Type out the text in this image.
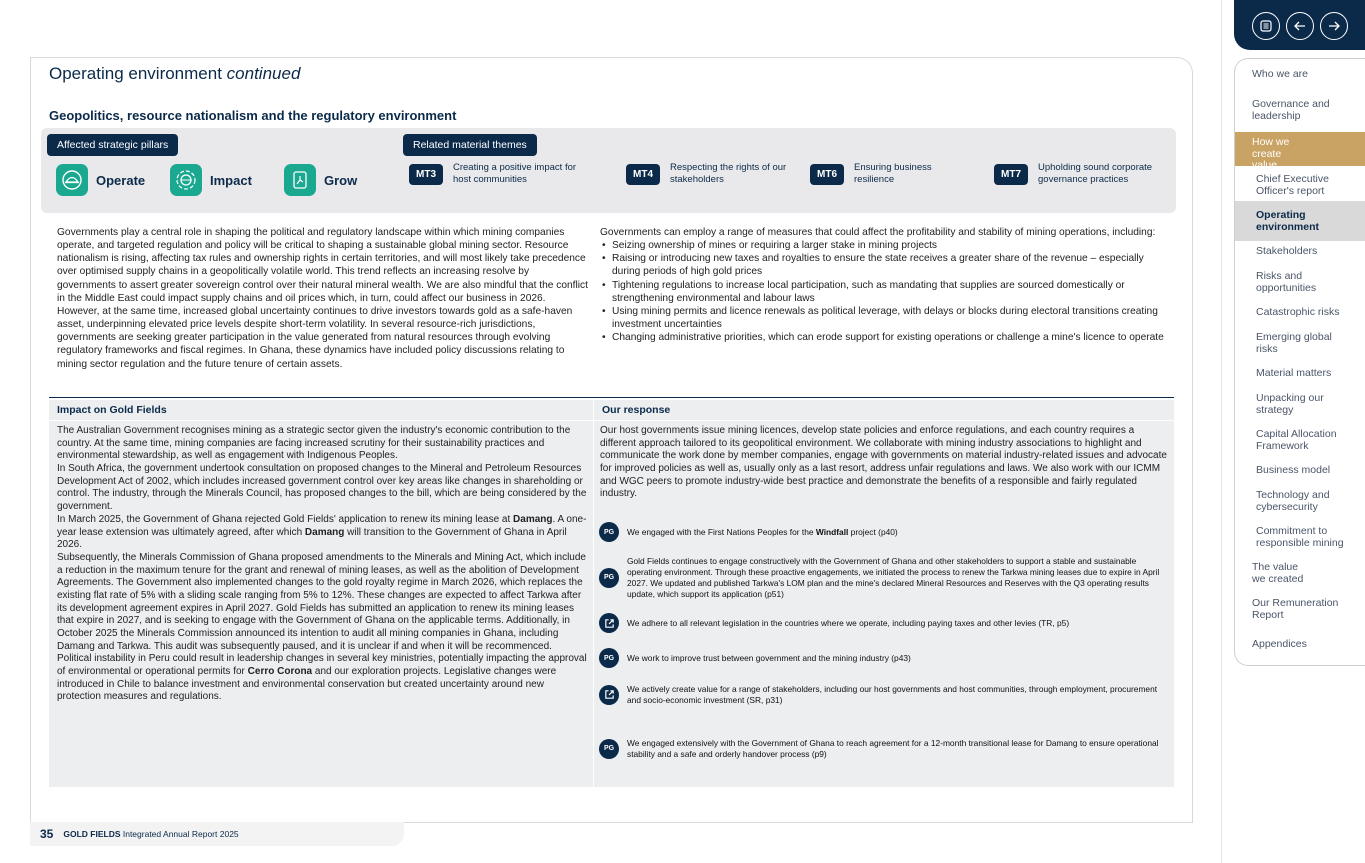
Operating environment continued
Geopolitics, resource nationalism and the regulatory environment
Affected strategic pillars	Related material themes
Operate	Impact	Grow	MT3
Creating a positive impact for host communities	MT4
Respecting the rights of our stakeholders	MT6
Ensuring business resilience	MT7
Upholding sound corporate governance practices
Governments play a central role in shaping the political and regulatory landscape within which mining companies operate, and targeted regulation and policy will be critical to shaping a sustainable global mining sector. Resource nationalism is rising, affecting tax rules and ownership rights in certain territories, and will most likely take precedence over optimised supply chains in a geopolitically volatile world. This trend reflects an increasing resolve by governments to assert greater sovereign control over their natural mineral wealth. We are also mindful that the conflict in the Middle East could impact supply chains and oil prices which, in turn, could affect our business in 2026. However, at the same time, increased global uncertainty continues to drive investors towards gold as a safe-haven asset, underpinning elevated price levels despite short-term volatility. In several resource-rich jurisdictions, governments are seeking greater participation in the value generated from natural resources through evolving regulatory frameworks and fiscal regimes. In Ghana, these dynamics have included policy discussions relating to mining sector regulation and the future tenure of certain assets.
Governments can employ a range of measures that could affect the profitability and stability of mining operations, including:
• Seizing ownership of mines or requiring a larger stake in mining projects
• Raising or introducing new taxes and royalties to ensure the state receives a greater share of the revenue – especially during periods of high gold prices
• Tightening regulations to increase local participation, such as mandating that supplies are sourced domestically or strengthening environmental and labour laws
• Using mining permits and licence renewals as political leverage, with delays or blocks during electoral transitions creating investment uncertainties
• Changing administrative priorities, which can erode support for existing operations or challenge a mine's licence to operate
Impact on Gold Fields	Our response

The Australian Government recognises mining as a strategic sector given the industry's economic contribution to the country. At the same time, mining companies are facing increased scrutiny for their sustainability practices and environmental stewardship, as well as engagement with Indigenous Peoples.

In South Africa, the government undertook consultation on proposed changes to the Mineral and Petroleum Resources Development Act of 2002, which includes increased government control over key areas like changes in shareholding or control. The industry, through the Minerals Council, has proposed changes to the bill, which are being considered by the government.

In March 2025, the Government of Ghana rejected Gold Fields' application to renew its mining lease at Damang. A one-year lease extension was ultimately agreed, after which Damang will transition to the Government of Ghana in April 2026.

Subsequently, the Minerals Commission of Ghana proposed amendments to the Minerals and Mining Act, which include a reduction in the maximum tenure for the grant and renewal of mining leases, as well as the abolition of Development Agreements. The Government also implemented changes to the gold royalty regime in March 2026, which replaces the existing flat rate of 5% with a sliding scale ranging from 5% to 12%. These changes are expected to affect Tarkwa after its development agreement expires in April 2027. Gold Fields has submitted an application to renew its mining leases that expire in 2027, and is seeking to engage with the Government of Ghana on the applicable terms. Additionally, in October 2025 the Minerals Commission announced its intention to audit all mining companies in Ghana, including Damang and Tarkwa. This audit was subsequently paused, and it is unclear if and when it will be recommenced.

Political instability in Peru could result in leadership changes in several key ministries, potentially impacting the approval of environmental or operational permits for Cerro Corona and our exploration projects. Legislative changes were introduced in Chile to balance investment and environmental conservation but created uncertainty around new protection measures and regulations.

Our host governments issue mining licences, develop state policies and enforce regulations, and each country requires a different approach tailored to its geopolitical environment. We collaborate with mining industry associations to highlight and communicate the work done by member companies, engage with governments on material industry-related issues and advocate for improved policies as well as, usually only as a last resort, address unfair regulations and laws. We also work with our ICMM and WGC peers to promote industry-wide best practice and demonstrate the benefits of a responsible and fairly regulated industry.
PG	We engaged with the First Nations Peoples for the Windfall project (p40)
PG
Gold Fields continues to engage constructively with the Government of Ghana and other stakeholders to support a stable and sustainable operating environment. Through these proactive engagements, we initiated the process to renew the Tarkwa mining leases due to expire in April 2027. We updated and published Tarkwa's LOM plan and the mine's declared Mineral Resources and Reserves with the Q3 operating results update, which support its application (p51)
We adhere to all relevant legislation in the countries where we operate, including paying taxes and other levies (TR, p5)
PG	We work to improve trust between government and the mining industry (p43)
We actively create value for a range of stakeholders, including our host governments and host communities, through employment, procurement and socio-economic investment (SR, p31)
PG
We engaged extensively with the Government of Ghana to reach agreement for a 12-month transitional lease for Damang to ensure operational stability and a safe and orderly handover process (p9)
35 GOLD FIELDS Integrated Annual Report 2025
Who we are
Governance and leadership
How we create value
Chief Executive Officer's report
Operating environment
Stakeholders
Risks and opportunities
Catastrophic risks
Emerging global risks
Material matters
Unpacking our strategy
Capital Allocation Framework
Business model
Technology and cybersecurity
Commitment to responsible mining
The value we created
Our Remuneration Report
Appendices
